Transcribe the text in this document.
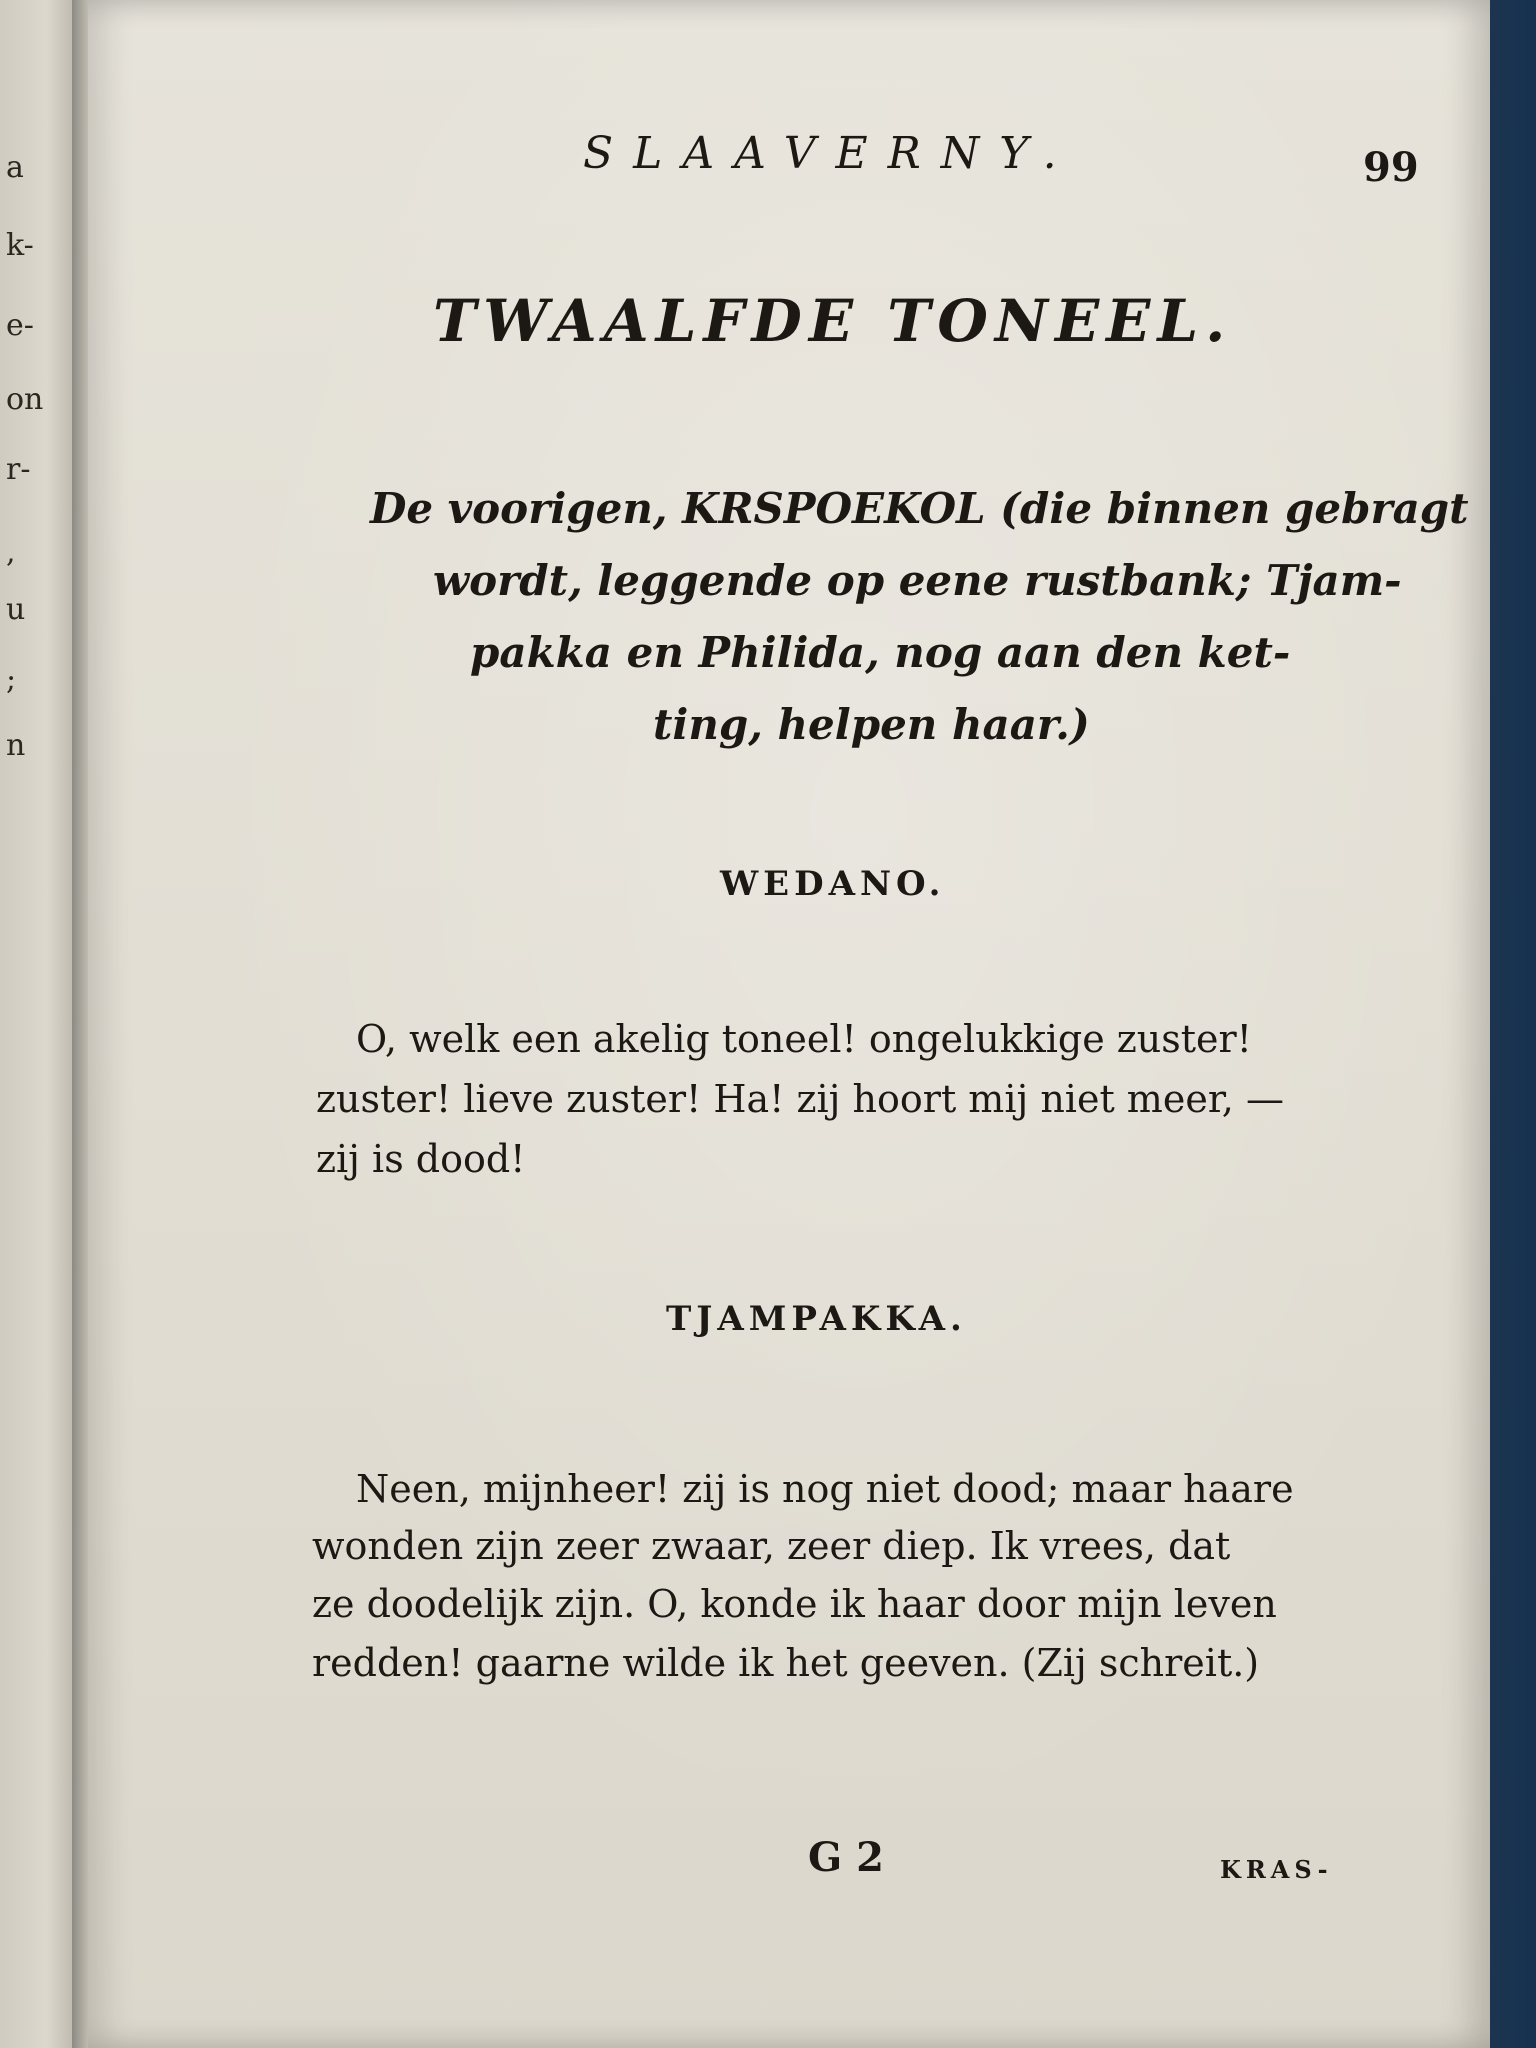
a
k-
e-
on
r-
,
u
;
n
SLAAVERNY.	99
TWAALFDE TONEEL.
De voorigen, KRSPOEKOL (die binnen gebragt
wordt, leggende op eene rustbank; Tjam-
pakka en Philida, nog aan den ket-
ting, helpen haar.)
WEDANO.
O, welk een akelig toneel! ongelukkige zuster!
zuster! lieve zuster! Ha! zij hoort mij niet meer, —
zij is dood!
TJAMPAKKA.
Neen, mijnheer! zij is nog niet dood; maar haare
wonden zijn zeer zwaar, zeer diep. Ik vrees, dat
ze doodelijk zijn. O, konde ik haar door mijn leven
redden! gaarne wilde ik het geeven. (Zij schreit.)
G 2	KRAS-
